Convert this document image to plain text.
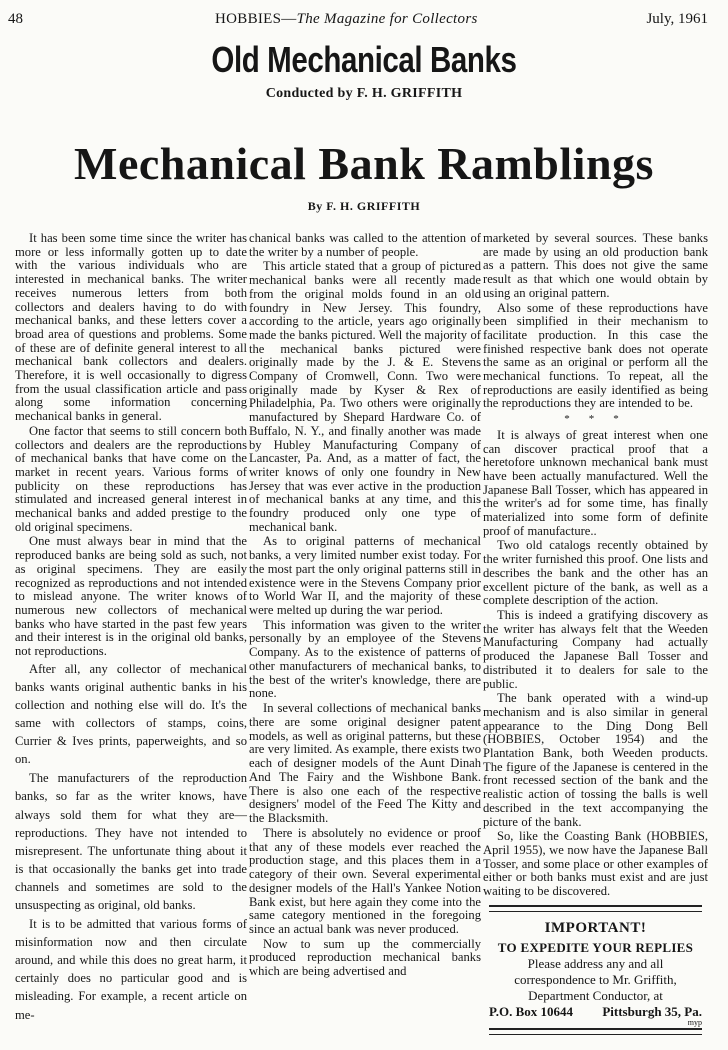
48	HOBBIES—The Magazine for Collectors	July, 1961
Old Mechanical Banks
Conducted by F. H. GRIFFITH
Mechanical Bank Ramblings
By F. H. GRIFFITH

It has been some time since the writer has more or less informally gotten up to date with the various individuals who are interested in mechanical banks. The writer receives numerous letters from both collectors and dealers having to do with mechanical banks, and these letters cover a broad area of questions and problems. Some of these are of definite general interest to all mechanical bank collectors and dealers. Therefore, it is well occasionally to digress from the usual classification article and pass along some information concerning mechanical banks in general.

One factor that seems to still concern both collectors and dealers are the reproductions of mechanical banks that have come on the market in recent years. Various forms of publicity on these reproductions has stimulated and increased general interest in mechanical banks and added prestige to the old original specimens.

One must always bear in mind that the reproduced banks are being sold as such, not as original specimens. They are easily recognized as reproductions and not intended to mislead anyone. The writer knows of numerous new collectors of mechanical banks who have started in the past few years and their interest is in the original old banks, not reproductions.

After all, any collector of mechanical banks wants original authentic banks in his collection and nothing else will do. It's the same with collectors of stamps, coins, Currier & Ives prints, paperweights, and so on.

The manufacturers of the reproduction banks, so far as the writer knows, have always sold them for what they are—reproductions. They have not intended to misrepresent. The unfortunate thing about it is that occasionally the banks get into trade channels and sometimes are sold to the unsuspecting as original, old banks.

It is to be admitted that various forms of misinformation now and then circulate around, and while this does no great harm, it certainly does no particular good and is misleading. For example, a recent article on me-

chanical banks was called to the attention of the writer by a number of people.

This article stated that a group of pictured mechanical banks were all recently made from the original molds found in an old foundry in New Jersey. This foundry, according to the article, years ago originally made the banks pictured. Well the majority of the mechanical banks pictured were originally made by the J. & E. Stevens Company of Cromwell, Conn. Two were originally made by Kyser & Rex of Philadelphia, Pa. Two others were originally manufactured by Shepard Hardware Co. of Buffalo, N. Y., and finally another was made by Hubley Manufacturing Company of Lancaster, Pa. And, as a matter of fact, the writer knows of only one foundry in New Jersey that was ever active in the production of mechanical banks at any time, and this foundry produced only one type of mechanical bank.

As to original patterns of mechanical banks, a very limited number exist today. For the most part the only original patterns still in existence were in the Stevens Company prior to World War II, and the majority of these were melted up during the war period.

This information was given to the writer personally by an employee of the Stevens Company. As to the existence of patterns of other manufacturers of mechanical banks, to the best of the writer's knowledge, there are none.

In several collections of mechanical banks there are some original designer patent models, as well as original patterns, but these are very limited. As example, there exists two each of designer models of the Aunt Dinah And The Fairy and the Wishbone Bank. There is also one each of the respective designers' model of the Feed The Kitty and the Blacksmith.

There is absolutely no evidence or proof that any of these models ever reached the production stage, and this places them in a category of their own. Several experimental designer models of the Hall's Yankee Notion Bank exist, but here again they come into the same category mentioned in the foregoing since an actual bank was never produced.

Now to sum up the commercially produced reproduction mechanical banks which are being advertised and

marketed by several sources. These banks are made by using an old production bank as a pattern. This does not give the same result as that which one would obtain by using an original pattern.

Also some of these reproductions have been simplified in their mechanism to facilitate production. In this case the finished respective bank does not operate the same as an original or perform all the mechanical functions. To repeat, all the reproductions are easily identified as being the reproductions they are intended to be.

* * *

It is always of great interest when one can discover practical proof that a heretofore unknown mechanical bank must have been actually manufactured. Well the Japanese Ball Tosser, which has appeared in the writer's ad for some time, has finally materialized into some form of definite proof of manufacture..

Two old catalogs recently obtained by the writer furnished this proof. One lists and describes the bank and the other has an excellent picture of the bank, as well as a complete description of the action.

This is indeed a gratifying discovery as the writer has always felt that the Weeden Manufacturing Company had actually produced the Japanese Ball Tosser and distributed it to dealers for sale to the public.

The bank operated with a wind-up mechanism and is also similar in general appearance to the Ding Dong Bell (HOBBIES, October 1954) and the Plantation Bank, both Weeden products. The figure of the Japanese is centered in the front recessed section of the bank and the realistic action of tossing the balls is well described in the text accompanying the picture of the bank.

So, like the Coasting Bank (HOBBIES, April 1955), we now have the Japanese Ball Tosser, and some place or other examples of either or both banks must exist and are just waiting to be discovered.

IMPORTANT!
TO EXPEDITE YOUR REPLIES
Please address any and all
correspondence to Mr. Griffith,
Department Conductor, at
P.O. Box 10644 Pittsburgh 35, Pa.
myp
